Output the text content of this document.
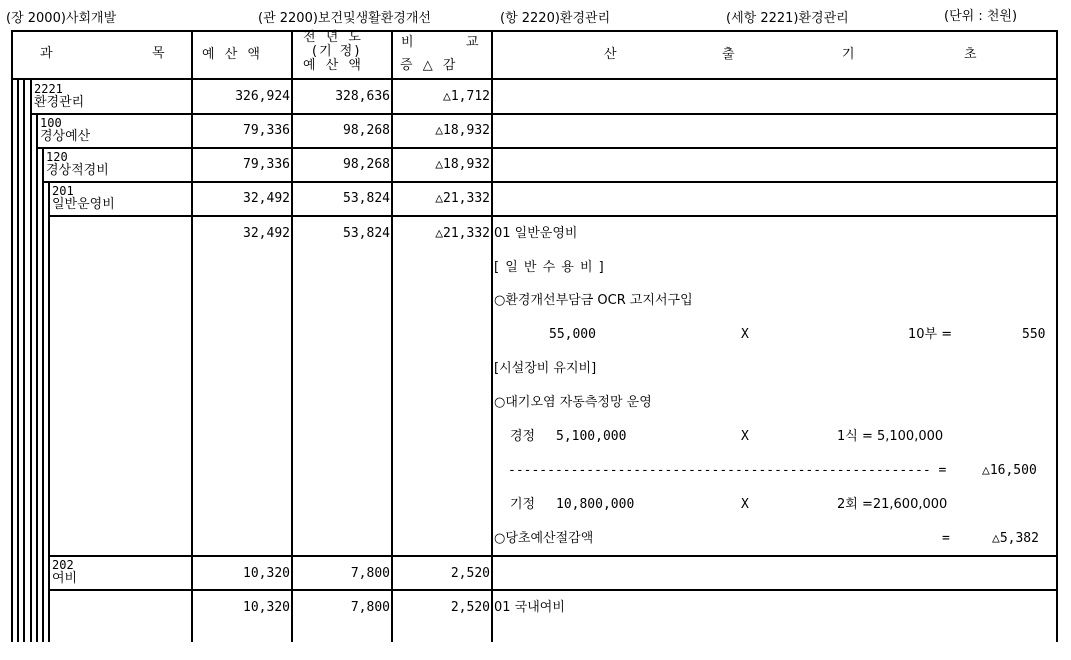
(장 2000)사회개발	(관 2200)보건및생활환경개선	(항 2220)환경관리	(세항 2221)환경관리	(단위 : 천원)
과	목	예 산 액
전 년 도
(기 정)
예 산 액
비	교
증 △ 감
산	출	기	초
2221
환경관리	326,924	328,636	△1,712
100
경상예산	79,336	98,268	△18,932
120
경상적경비	79,336	98,268	△18,932
201
일반운영비	32,492	53,824	△21,332
32,492	53,824	△21,332 01 일반운영비
[ 일 반 수 용 비 ]
○환경개선부담금 OCR 고지서구입
55,000	X	10부 =	550
[시설장비 유지비]
○대기오염 자동측정망 운영
경정 5,100,000	X	1식 = 5,100,000
------------------------------------------------------ =	△16,500
기정 10,800,000	X	2회 =21,600,000
○당초예산절감액	=	△5,382
202
여비	10,320	7,800	2,520
10,320	7,800	2,520 01 국내여비
